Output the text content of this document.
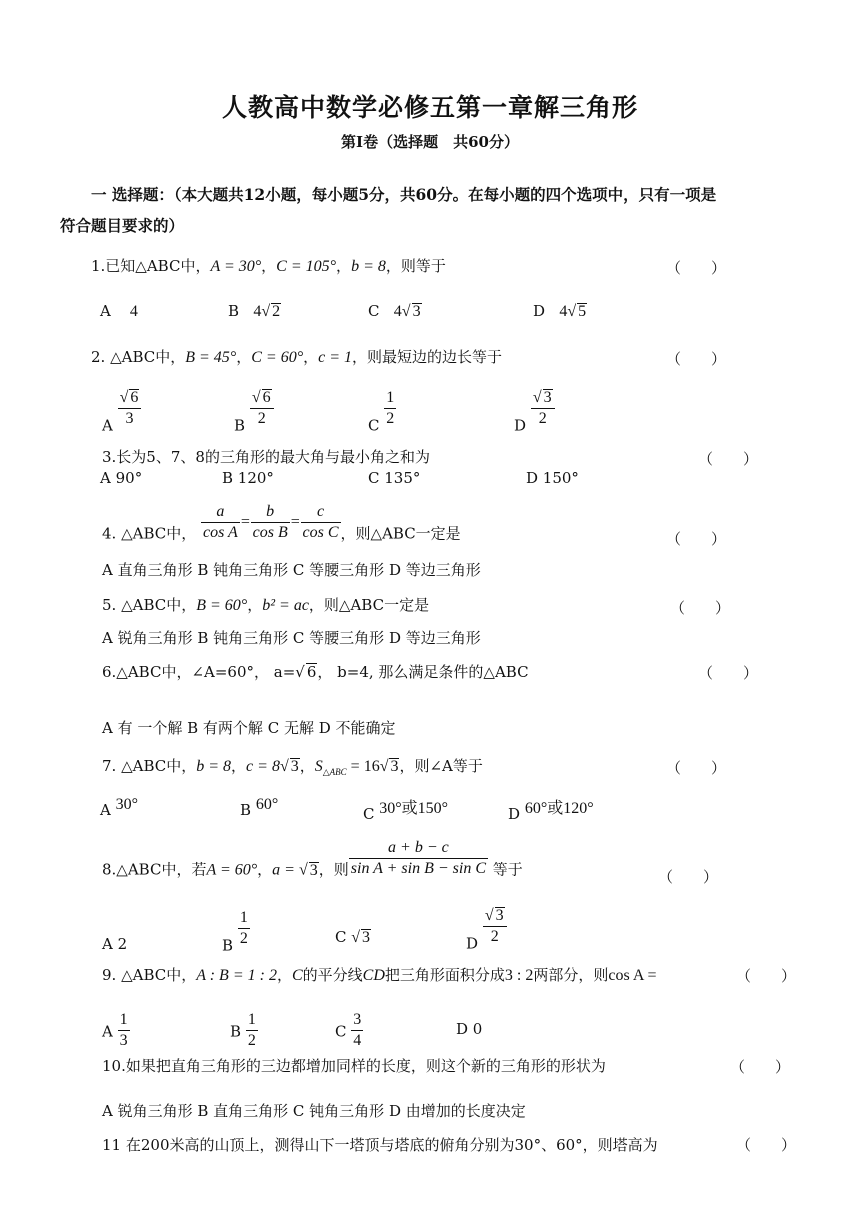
人教高中数学必修五第一章解三角形
第Ⅰ卷（选择题　共60分）
一 选择题：（本大题共12小题，每小题5分，共60分。在每小题的四个选项中，只有一项是
符合题目要求的）
1.已知△ABC中，A = 30°，C = 105°，b = 8，则等于	（　　）
A 4	B 4√ 2	C 4√ 3	D 4√ 5
2. △ABC中，B = 45°，C = 60°，c = 1，则最短边的边长等于	（　　）
A $\frac{√ 6}{3}$	B $\frac{√ 6}{2}$	C $\frac{1}{2}$	D $\frac{√ 3}{2}$
3.长为5、7、8的三角形的最大角与最小角之和为	（　　）
A 90°	B 120°	C 135°	D 150°
4. △ABC中， $\frac{a}{\text{cos A}} = \frac{b}{\text{cos B}} = \frac{c}{\text{cos C}}$ ，则△ABC一定是	（　　）
A 直角三角形 B 钝角三角形 C 等腰三角形 D 等边三角形
5. △ABC中，B = 60°，b² = ac，则△ABC一定是	（　　）
A 锐角三角形 B 钝角三角形 C 等腰三角形 D 等边三角形
6.△ABC中，∠A=60°， a=√ 6， b=4, 那么满足条件的△ABC	（　　）
A 有 一个解 B 有两个解 C 无解 D 不能确定
7. △ABC中，b = 8，c = 8√ 3，$S_{\triangle ABC} = 16√$ 3，则∠A等于	（　　）
A 30°	B 60°
C 30°或150°	D 60°或120°
8.△ABC中，若A = 60°，a = √ 3，则 $\frac{a + b - c}{\text{sin A + sin B − sin C}}$ 等于	（　　）
A 2	B $\frac{1}{2}$	C √ 3	D $\frac{√ 3}{2}$
9. △ABC中，A : B = 1 : 2，C的平分线CD把三角形面积分成3 : 2两部分，则cos A =	（　　）
A $\frac{1}{3}$	B $\frac{1}{2}$	C $\frac{3}{4}$	D 0
10.如果把直角三角形的三边都增加同样的长度，则这个新的三角形的形状为	（　　）
A 锐角三角形 B 直角三角形 C 钝角三角形 D 由增加的长度决定
11 在200米高的山顶上，测得山下一塔顶与塔底的俯角分别为30°、60°，则塔高为	（　　）
